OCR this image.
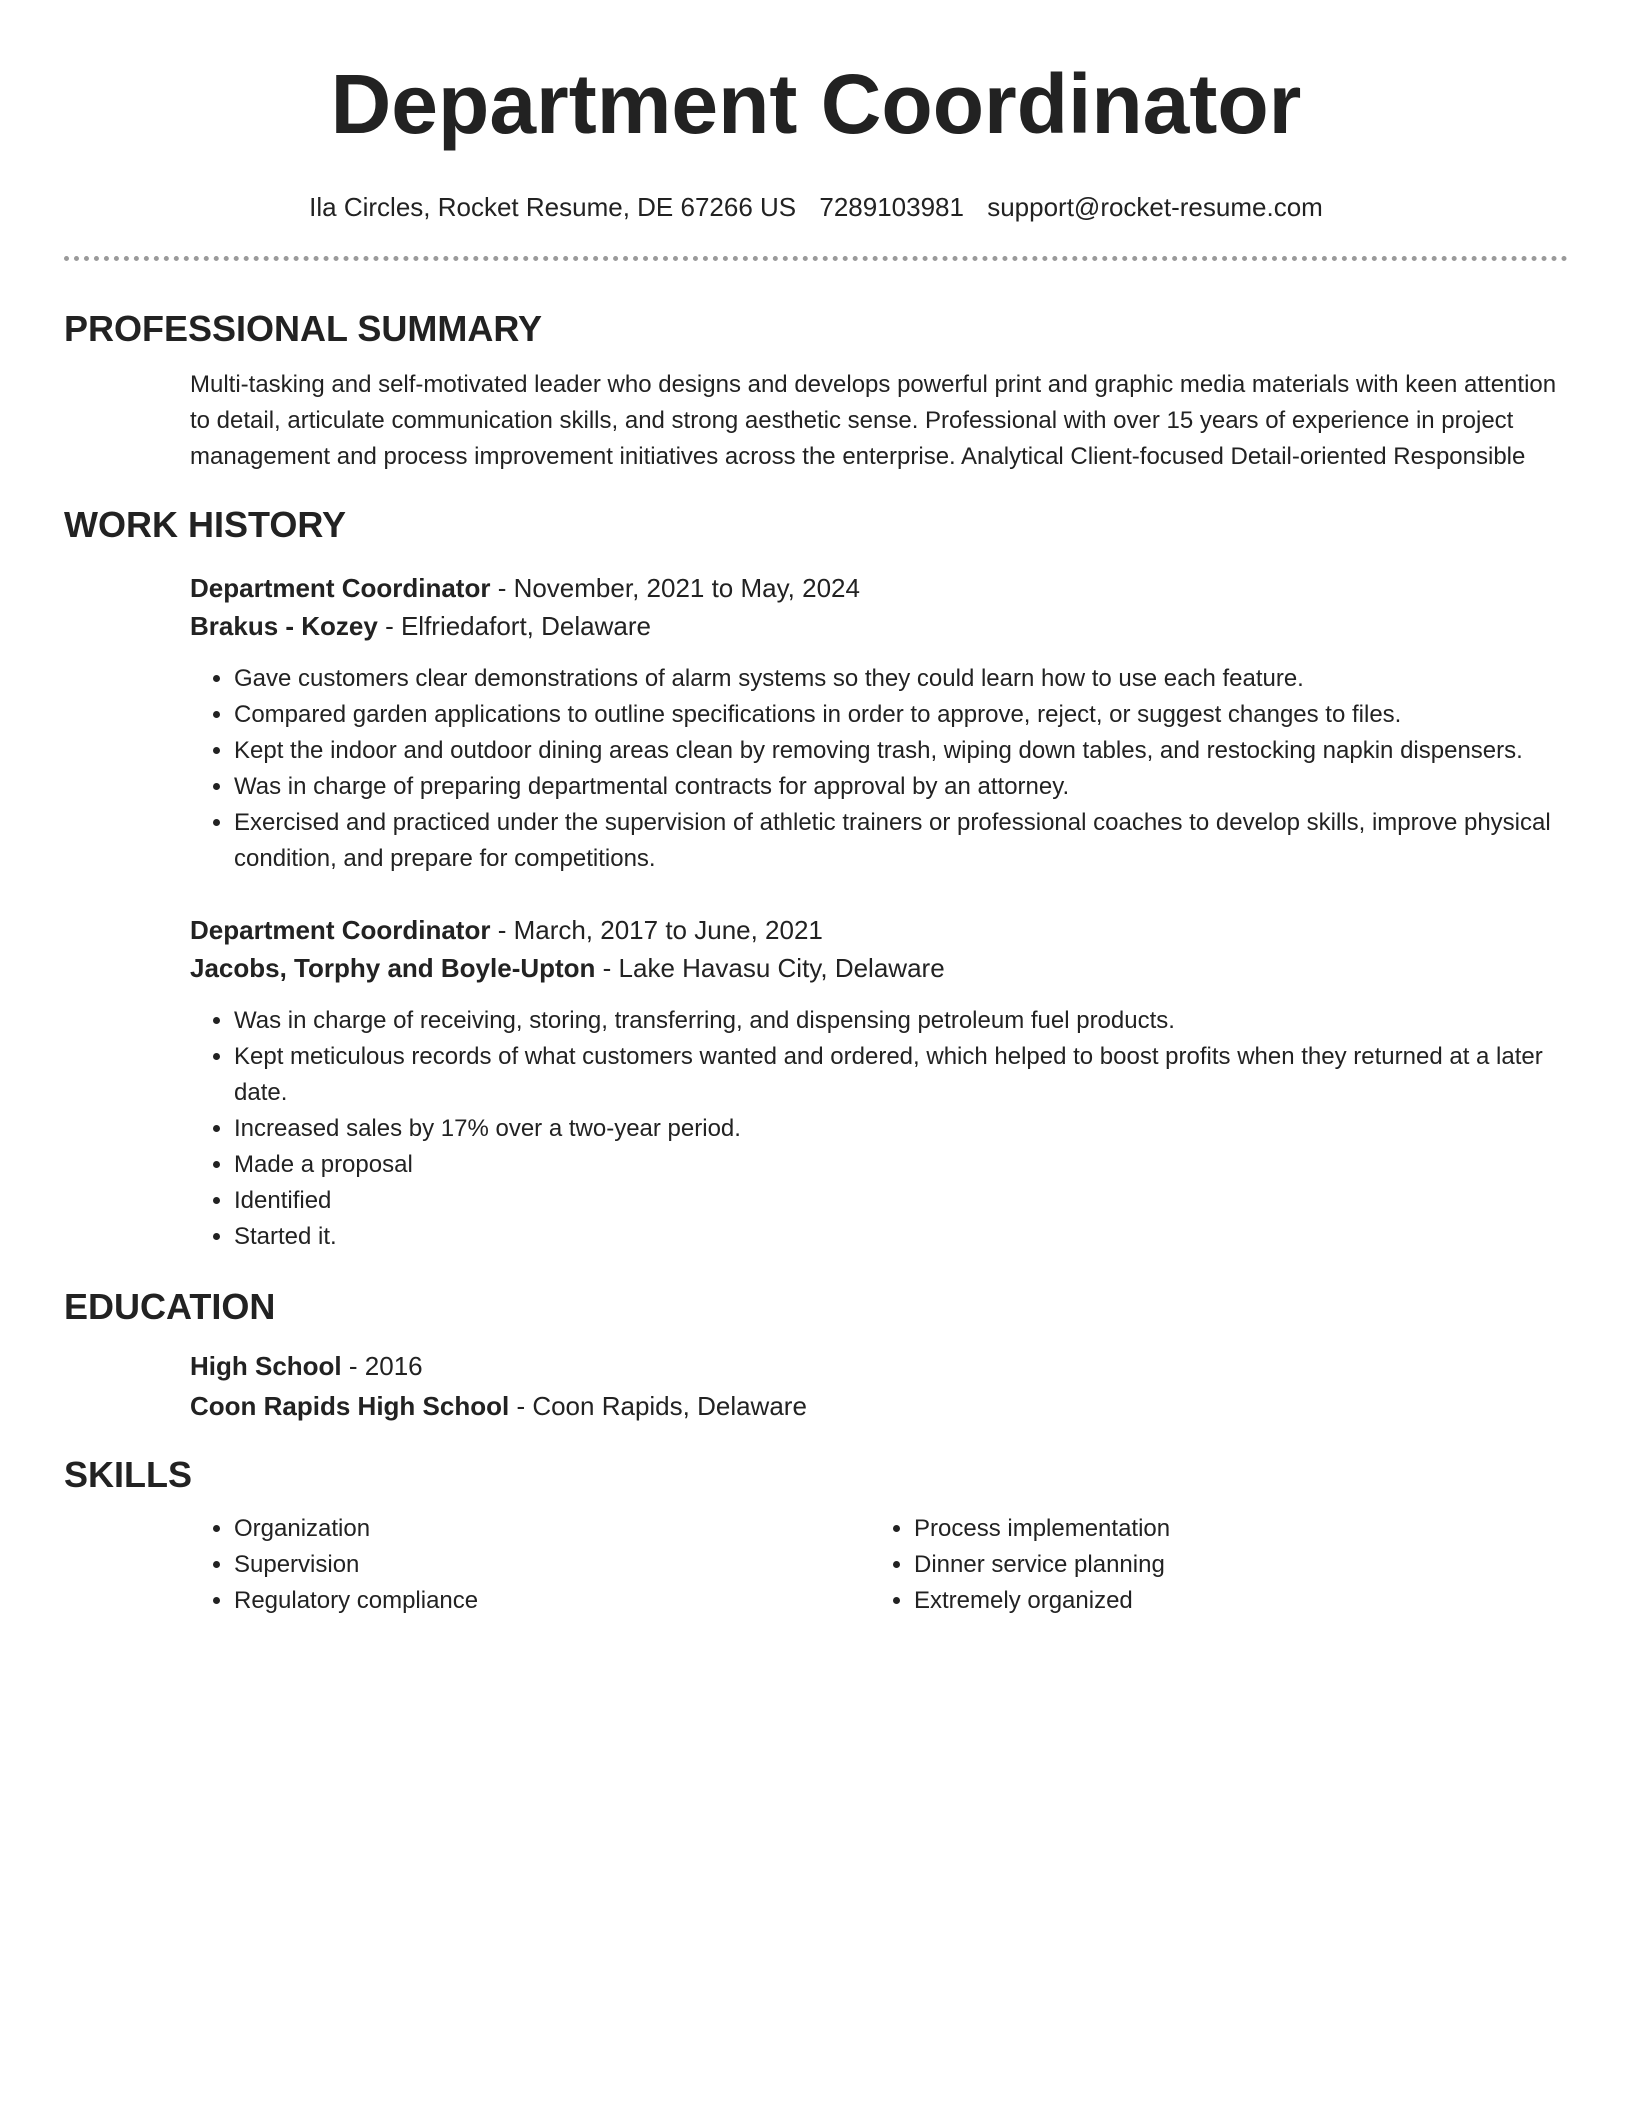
Department Coordinator
Ila Circles, Rocket Resume, DE 67266 US 7289103981 support@rocket-resume.com
PROFESSIONAL SUMMARY
Multi-tasking and self-motivated leader who designs and develops powerful print and graphic media materials with keen attention to detail, articulate communication skills, and strong aesthetic sense. Professional with over 15 years of experience in project management and process improvement initiatives across the enterprise. Analytical Client-focused Detail-oriented Responsible
WORK HISTORY
Department Coordinator - November, 2021 to May, 2024
Brakus - Kozey - Elfriedafort, Delaware
• Gave customers clear demonstrations of alarm systems so they could learn how to use each feature.
• Compared garden applications to outline specifications in order to approve, reject, or suggest changes to files.
• Kept the indoor and outdoor dining areas clean by removing trash, wiping down tables, and restocking napkin dispensers.
• Was in charge of preparing departmental contracts for approval by an attorney.
• Exercised and practiced under the supervision of athletic trainers or professional coaches to develop skills, improve physical condition, and prepare for competitions.
Department Coordinator - March, 2017 to June, 2021
Jacobs, Torphy and Boyle-Upton - Lake Havasu City, Delaware
• Was in charge of receiving, storing, transferring, and dispensing petroleum fuel products.
• Kept meticulous records of what customers wanted and ordered, which helped to boost profits when they returned at a later date.
• Increased sales by 17% over a two-year period.
• Made a proposal
• Identified
• Started it.
EDUCATION
High School - 2016
Coon Rapids High School - Coon Rapids, Delaware
SKILLS
• Organization
• Supervision
• Regulatory compliance
• Process implementation
• Dinner service planning
• Extremely organized
